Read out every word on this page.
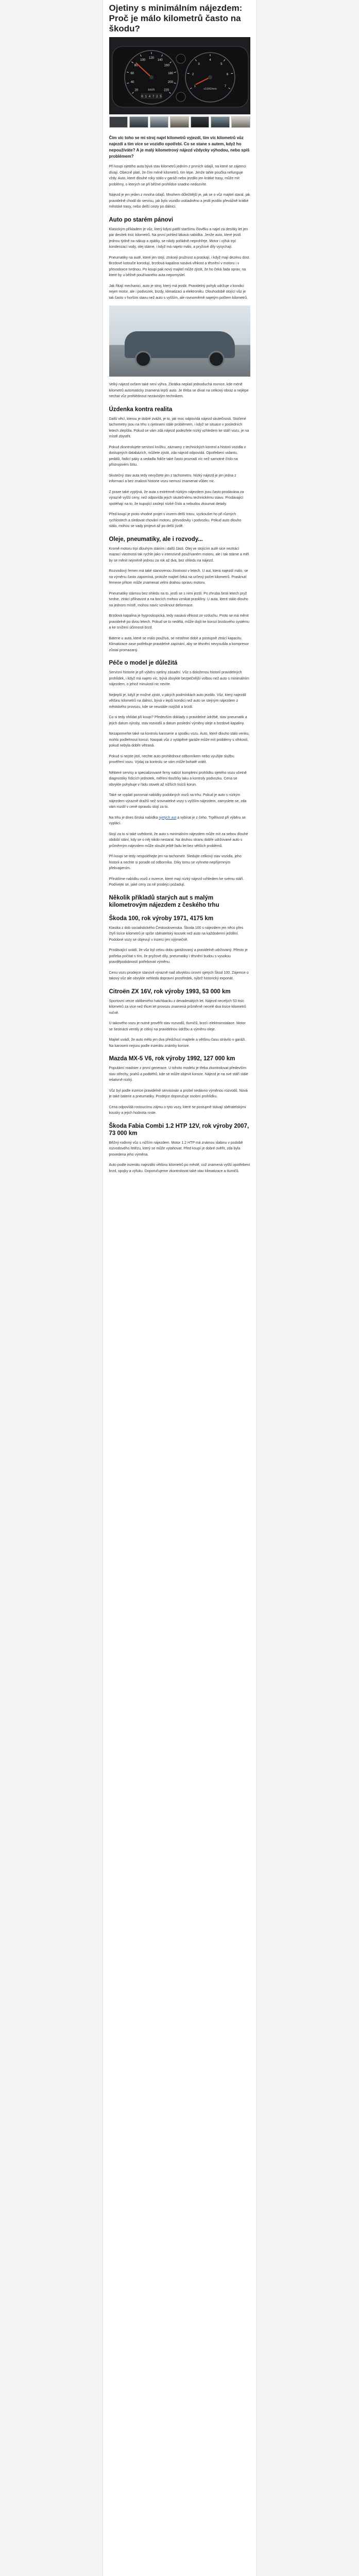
Ojetiny s minimálním nájezdem: Proč je málo kilometrů často na škodu?
20
40
60
80
100
120
140
160
180
200
220
km/h
0 1 4 7 2 5
1
2
3
4
5
6
7
x1000/min

Čím víc toho se mi stroj najel kilometrů vyjezdí, tím víc kilometrů vůz najezdí a tím více se vozidlo opotřebí. Co se stane s autem, když ho nepoužíváte? A je malý kilometrový nájezd vždycky výhodou, nebo spíš problémem?

Při koupi ojetého auta bývá stav kilometrů jedním z prvních údajů, na které se zájemci dívají. Obecně platí, že čím méně kilometrů, tím lépe. Jenže tahle poučka nefunguje vždy. Auto, které dlouhé roky stálo v garáži nebo jezdilo jen krátké trasy, může mít problémy, o kterých se při běžné prohlídce snadno nedozvíte.

Nájezd je jen jeden z mnoha údajů. Mnohem důležitější je, jak se o vůz majitel staral, jak pravidelně chodil do servisu, jak bylo vozidlo uskladněno a jestli jezdilo převážně krátké městské trasy, nebo delší cesty po dálnici.

Auto po starém pánovi

Klasickým příkladem je vůz, který kdysi patřil staršímu člověku a najel za desítky let jen pár desítek tisíc kilometrů. Na první pohled lákavá nabídka. Jenže auto, které jezdí jednou týdně na nákup a zpátky, se nikdy pořádně neprohřeje. Motor i výfuk trpí kondenzací vody, olej stárne, i když má najeto málo, a pryžové díly vysychají.

Pneumatiky na autě, které jen stojí, ztrácejí pružnost a praskají, i když mají dezénu dost. Brzdové kotouče korodují, brzdová kapalina nasává vlhkost a těsnění v motoru i v převodovce tvrdnou. Po koupi pak nový majitel může zjistit, že ho čeká řada oprav, na které by u běžně používaného auta nepomyslel.

Jak říkají mechanici, auto je stroj, který má jezdit. Pravidelný pohyb udržuje v kondici nejen motor, ale i podvozek, brzdy, klimatizaci a elektroniku. Dlouhodobě stojící vůz je tak často v horším stavu než auto s vyšším, ale rovnoměrně najetým počtem kilometrů.

Velký nájezd ovšem také není výhra. Zkrátka neplatí jednoduchá rovnice, kde méně kilometrů automaticky znamená lepší auto. Je třeba se dívat na celkový obraz a nejlépe nechat vůz prohlédnout nezávislým technikem.

Úzdenka kontra realita

Další věcí, kterou je dobré zvážit, je to, jak moc odpovídá nájezd skutečnosti. Stočené tachometry jsou na trhu s ojetinami stále problémem, i když se situace v posledních letech zlepšila. Pokud se vám zdá nájezd podezřele nízký vzhledem ke stáří vozu, je na místě zbystřit.

Pokud zkontrolujete servisní knížku, záznamy z technických kontrol a historii vozidla v dostupných databázích, můžete zjistit, zda nájezd odpovídá. Opotřebení volantu, pedálů, řadicí páky a sedadla řidiče také často prozradí víc než samotné číslo na přístrojovém štítu.

Skutečný stav auta tedy nevyčtete jen z tachometru. Nízký nájezd je jen jedna z informací a bez znalosti historie vozu nemusí znamenat vůbec nic.

Z praxe také vyplývá, že auta s extrémně nízkým nájezdem jsou často prodávána za výrazně vyšší ceny, než odpovídá jejich skutečnému technickému stavu. Prodávající spoléhají na to, že kupující zaslepí nízké číslo a nebudou zkoumat detaily.

Před koupí je proto vhodné projet s vozem delší trasu, vyzkoušet ho při různých rychlostech a sledovat chování motoru, převodovky i podvozku. Pokud auto dlouho stálo, mohou se vady projevit až po delší jízdě.

Oleje, pneumatiky, ale i rozvody...

Kromě motoru trpí dlouhým stáním i další části. Olej ve stojícím autě sice neztrácí mazací vlastnosti tak rychle jako v intenzivně používaném motoru, ale i tak stárne a měl by se měnit nejméně jednou za rok až dva, bez ohledu na nájezd.

Rozvodový řemen má také stanovenou životnost v letech. U aut, která najezdí málo, se na výměnu často zapomíná, protože majitel čeká na určený počet kilometrů. Prasknutí řemene přitom může znamenat velmi drahou opravu motoru.

Pneumatiky stárnou bez ohledu na to, jestli se s nimi jezdí. Po zhruba šesti letech pryž tvrdne, ztrácí přilnavost a na bocích mohou vznikat praskliny. U auta, které stálo dlouho na jednom místě, mohou navíc vzniknout deformace.

Brzdová kapalina je hygroskopická, tedy nasává vlhkost ze vzduchu. Proto se má měnit pravidelně po dvou letech. Pokud se to nedělá, může dojít ke korozi brzdového systému a ke snížení účinnosti brzd.

Baterie u auta, které se málo používá, se nestihne dobít a postupně ztrácí kapacitu. Klimatizace zase potřebuje pravidelné zapínání, aby se těsnění nevysušila a kompresor zůstal promazaný.

Péče o model je důležitá

Servisní historie je při výběru ojetiny zásadní. Vůz s doloženou historií pravidelných prohlídek, i když má najeto víc, bývá obvykle bezpečnější volbou než auto s minimálním nájezdem, o jehož minulosti nic nevíte.

Nejlepší je, když je možné zjistit, v jakých podmínkách auto jezdilo. Vůz, který najezdil většinu kilometrů na dálnici, bývá v lepší kondici než auto se stejným nájezdem z městského provozu, kde se neustále rozjíždí a brzdí.

Co si tedy ohlídat při koupi? Především doklady o pravidelné údržbě, stav pneumatik a jejich datum výroby, stav rozvodů a datum poslední výměny oleje a brzdové kapaliny.

Nezapomeňte také na kontrolu karoserie a spodku vozu. Auto, které dlouho stálo venku, mohlo podlehnout korozi. Naopak vůz z vytápěné garáže může mít problémy s vlhkostí, pokud nebyla dobře větraná.

Pokud si nejste jistí, nechte auto prohlédnout odborníkem nebo využijte službu prověření vozu. Výdaj za kontrolu se vám může bohatě vrátit.

Některé servisy a specializované firmy nabízí kompletní prohlídku ojetého vozu včetně diagnostiky řídicích jednotek, měření tloušťky laku a kontroly podvozku. Cena se obvykle pohybuje v řádu stovek až nižších tisíců korun.

Také se vyplatí porovnat nabídky podobných vozů na trhu. Pokud je auto s nízkým nájezdem výrazně dražší než srovnatelné vozy s vyšším nájezdem, zamyslete se, zda vám rozdíl v ceně opravdu stojí za to.

Na trhu je dnes široká nabídka ojetých aut a vybírat je z čeho. Trpělivost při výběru se vyplácí.

Stojí za to si také uvědomit, že auto s minimálním nájezdem může mít za sebou dlouhé období stání, kdy se o něj nikdo nestaral. Na druhou stranu dobře udržované auto s průměrným nájezdem může sloužit ještě řadu let bez větších problémů.

Při koupi se tedy nespoléhejte jen na tachometr. Sledujte celkový stav vozidla, jeho historii a nechte si poradit od odborníka. Díky tomu se vyhnete nepříjemným překvapením.

Přinášíme nabídku vozů z inzerce, které mají nízký nájezd vzhledem ke svému stáří. Podívejte se, jaké ceny za ně prodejci požadují.

Několik příkladů starých aut s malým kilometrovým nájezdem z českého trhu
Škoda 100, rok výroby 1971, 4175 km

Klasika z dob socialistického Československa. Škoda 100 s nájezdem jen něco přes čtyři tisíce kilometrů je spíše sběratelský kousek než auto na každodenní ježdění. Podobné vozy se objevují v inzerci jen výjimečně.

Prodávající uvádí, že vůz byl celou dobu garážovaný a pravidelně udržovaný. Přesto je potřeba počítat s tím, že pryžové díly, pneumatiky i těsnění budou s vysokou pravděpodobností potřebovat výměnu.

Cenu vozu prodejce stanovil výrazně nad obvyklou úrovní ojetých Škod 100. Zájemce o takový vůz ale obvykle nehledá dopravní prostředek, nýbrž historický exponát.

Citroën ZX 16V, rok výroby 1993, 53 000 km

Sportovní verze oblíbeného hatchbacku z devadesátých let. Nájezd necelých 53 tisíc kilometrů za více než třicet let provozu znamená průměrně necelé dva tisíce kilometrů ročně.

U takového vozu je nutné prověřit stav rozvodů, tlumičů, brzd i elektroinstalace. Motor se šestnácti ventily je citlivý na pravidelnou údržbu a výměnu oleje.

Majitel uvádí, že auto mělo jen dva předchozí majitele a většinu času strávilo v garáži. Na karoserii nejsou podle inzerátu známky koroze.

Mazda MX-5 V6, rok výroby 1992, 127 000 km

Populární roadster z první generace. U tohoto modelu je třeba zkontrolovat především stav střechy, prahů a podběhů, kde se může objevit koroze. Nájezd je na své stáří stále relativně nízký.

Vůz byl podle inzerce pravidelně servisován a prošel nedávno výměnou rozvodů. Nová je také baterie a pneumatiky. Prodejce doporučuje osobní prohlídku.

Cena odpovídá rostoucímu zájmu o tyto vozy, které se postupně stávají sběratelskými kousky a jejich hodnota roste.

Škoda Fabia Combi 1.2 HTP 12V, rok výroby 2007, 73 000 km

Běžný rodinný vůz s nižším nájezdem. Motor 1.2 HTP má známou slabinu v podobě rozvodového řetězu, který se může vytahovat. Před koupí je dobré ověřit, zda byla provedena jeho výměna.

Auto podle inzerátu najezdilo většinu kilometrů po městě, což znamená vyšší opotřebení brzd, spojky a výfuku. Doporučujeme zkontrolovat také stav klimatizace a tlumičů.
